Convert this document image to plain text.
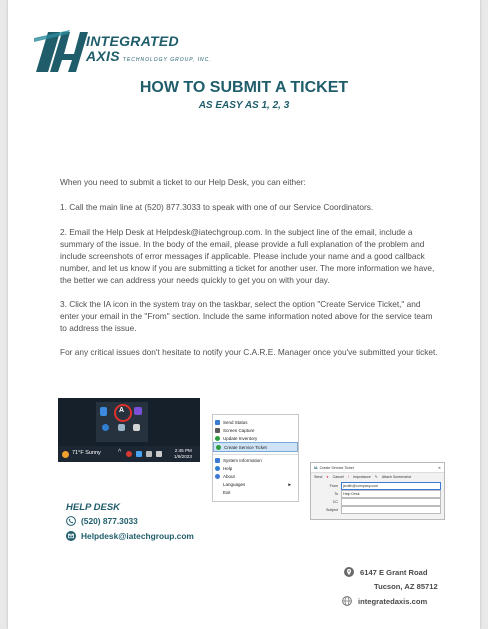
INTEGRATED
AXIS TECHNOLOGY GROUP, INC.
HOW TO SUBMIT A TICKET
AS EASY AS 1, 2, 3

When you need to submit a ticket to our Help Desk, you can either:

1. Call the main line at (520) 877.3033 to speak with one of our Service Coordinators.

2. Email the Help Desk at Helpdesk@iatechgroup.com. In the subject line of the email, include a summary of the issue. In the body of the email, please provide a full explanation of the problem and include screenshots of error messages if applicable. Please include your name and a good callback number, and let us know if you are submitting a ticket for another user. The more information we have, the better we can address your needs quickly to get you on with your day.

3. Click the IA icon in the system tray on the taskbar, select the option "Create Service Ticket," and enter your email in the "From" section. Include the same information noted above for the service team to address the issue.

For any critical issues don't hesitate to notify your C.A.R.E. Manager once you've submitted your ticket.

A
71°F Sunny ^	2:45 PM
1/9/2023
Send Status
Screen Capture
Update Inventory
Create Service Ticket
System Information
Help
About
Languages	►
Exit
IA Create Service Ticket	✕
Send ● Cancel ! Importance ✎ Attach Screenshot
From	jsmith@company.com
To	Help Desk
CC
Subject
HELP DESK
(520) 877.3033
Helpdesk@iatechgroup.com
6147 E Grant Road
Tucson, AZ 85712
integratedaxis.com
